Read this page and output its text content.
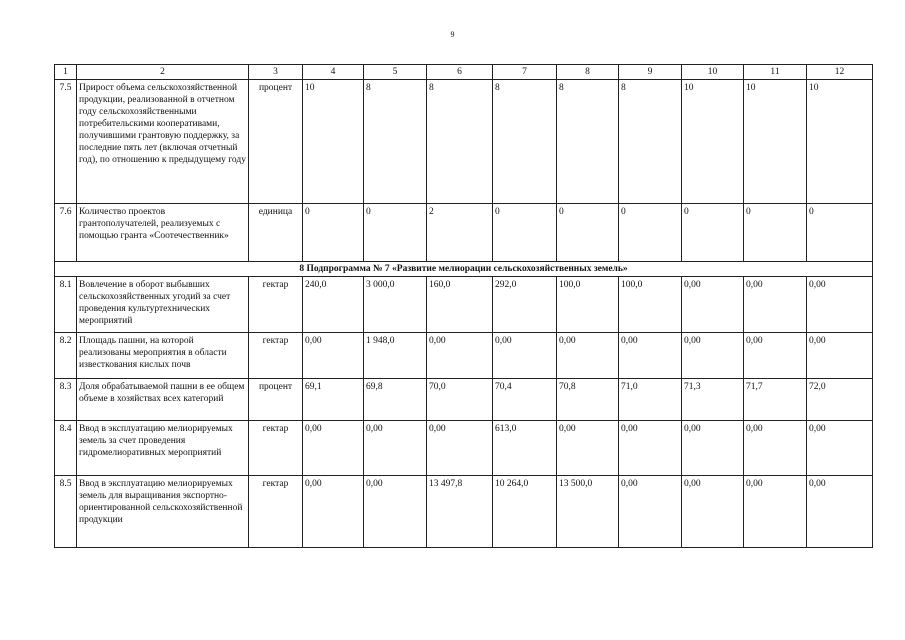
9
1	2	3	4	5	6	7	8	9	10	11	12
7.5	Прирост объема сельскохозяйственной продукции, реализованной в отчетном году сельскохозяйственными потребительскими кооперативами, получившими грантовую поддержку, за последние пять лет (включая отчетный год), по отношению к предыдущему году	процент	10	8	8	8	8	8	10	10	10
7.6	Количество проектов грантополучателей, реализуемых с помощью гранта «Соотечественник»	единица	0	0	2	0	0	0	0	0	0
8 Подпрограмма № 7 «Развитие мелиорации сельскохозяйственных земель»											
8.1	Вовлечение в оборот выбывших сельскохозяйственных угодий за счет проведения культуртехнических мероприятий	гектар	240,0	3 000,0	160,0	292,0	100,0	100,0	0,00	0,00	0,00
8.2	Площадь пашни, на которой реализованы мероприятия в области известкования кислых почв	гектар	0,00	1 948,0	0,00	0,00	0,00	0,00	0,00	0,00	0,00
8.3	Доля обрабатываемой пашни в ее общем объеме в хозяйствах всех категорий	процент	69,1	69,8	70,0	70,4	70,8	71,0	71,3	71,7	72,0
8.4	Ввод в эксплуатацию мелиорируемых земель за счет проведения гидромелиоративных мероприятий	гектар	0,00	0,00	0,00	613,0	0,00	0,00	0,00	0,00	0,00
8.5	Ввод в эксплуатацию мелиорируемых земель для выращивания экспортно-ориентированной сельскохозяйственной продукции	гектар	0,00	0,00	13 497,8	10 264,0	13 500,0	0,00	0,00	0,00	0,00
